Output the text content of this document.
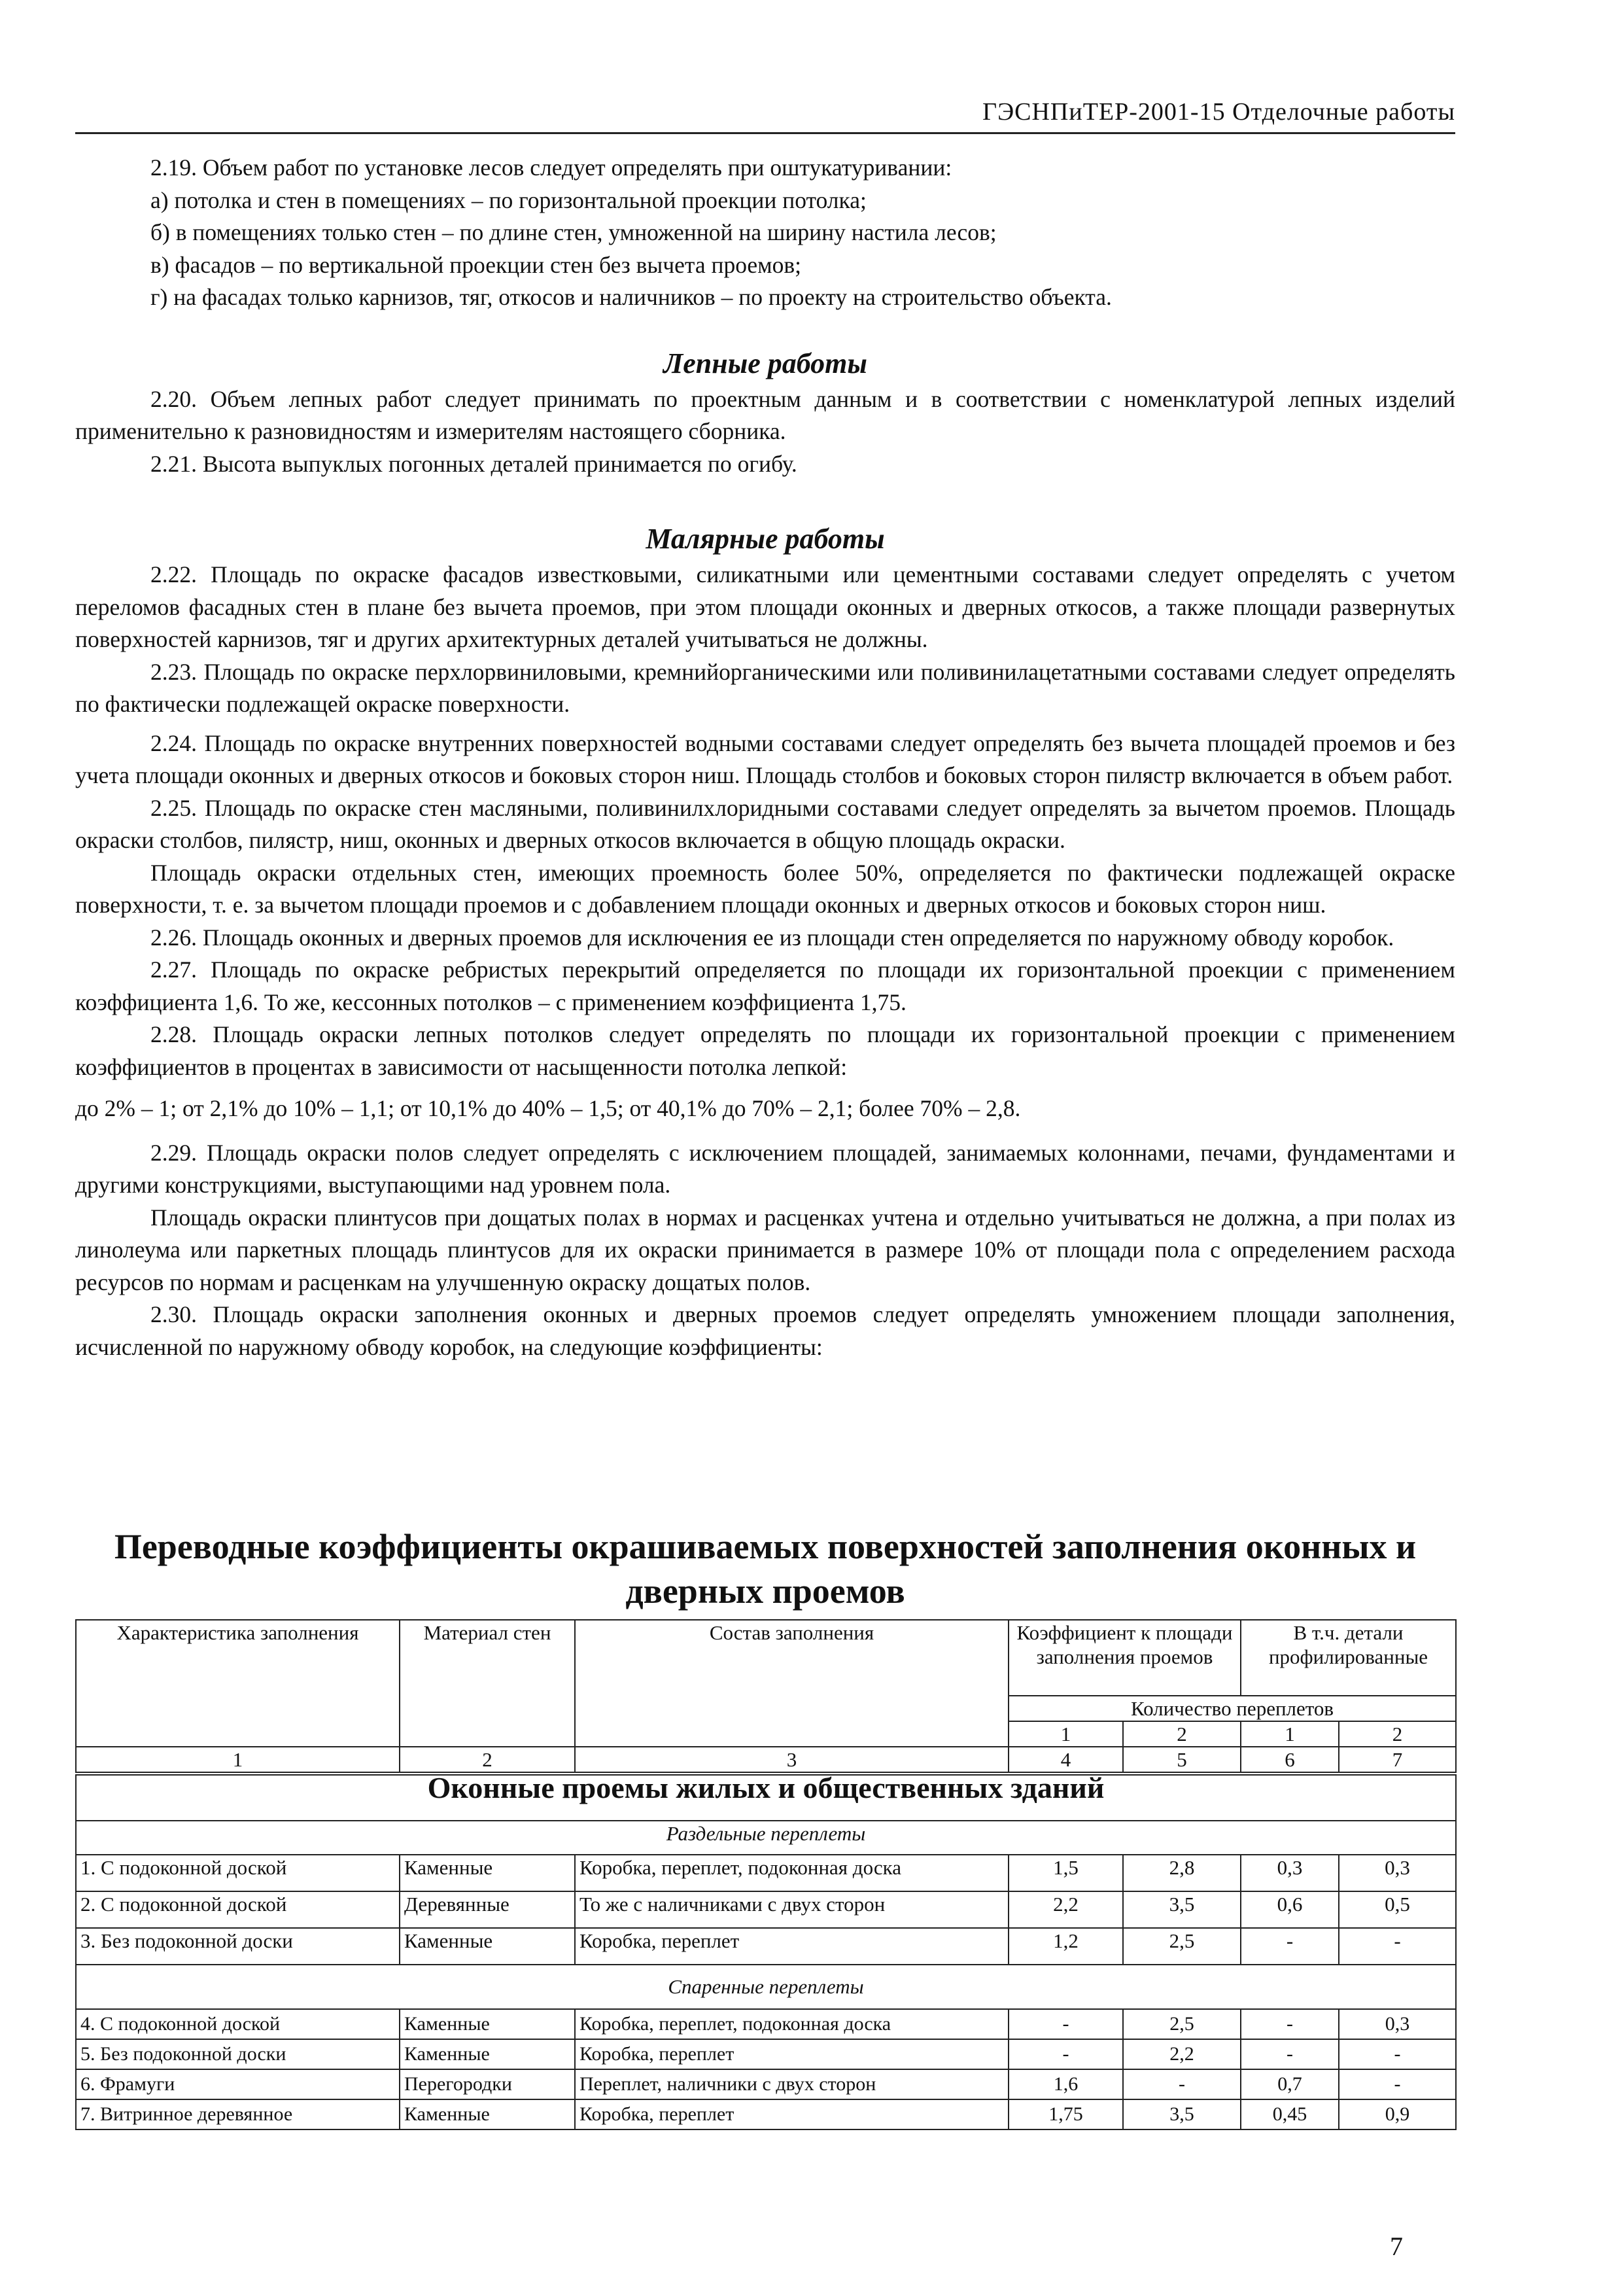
ГЭСНПиТЕР-2001-15 Отделочные работы

2.19. Объем работ по установке лесов следует определять при оштукатуривании:

а) потолка и стен в помещениях – по горизонтальной проекции потолка;

б) в помещениях только стен – по длине стен, умноженной на ширину настила лесов;

в) фасадов – по вертикальной проекции стен без вычета проемов;

г) на фасадах только карнизов, тяг, откосов и наличников – по проекту на строительство объекта.

Лепные работы

2.20. Объем лепных работ следует принимать по проектным данным и в соответствии с номенклатурой лепных изделий применительно к разновидностям и измерителям настоящего сборника.

2.21. Высота выпуклых погонных деталей принимается по огибу.

Малярные работы

2.22. Площадь по окраске фасадов известковыми, силикатными или цементными составами следует определять с учетом переломов фасадных стен в плане без вычета проемов, при этом площади оконных и дверных откосов, а также площади развернутых поверхностей карнизов, тяг и других архитектурных деталей учитываться не должны.

2.23. Площадь по окраске перхлорвиниловыми, кремнийорганическими или поливинилацетатными составами следует определять по фактически подлежащей окраске поверхности.

2.24. Площадь по окраске внутренних поверхностей водными составами следует определять без вычета площадей проемов и без учета площади оконных и дверных откосов и боковых сторон ниш. Площадь столбов и боковых сторон пилястр включается в объем работ.

2.25. Площадь по окраске стен масляными, поливинилхлоридными составами следует определять за вычетом проемов. Площадь окраски столбов, пилястр, ниш, оконных и дверных откосов включается в общую площадь окраски.

Площадь окраски отдельных стен, имеющих проемность более 50%, определяется по фактически подлежащей окраске поверхности, т. е. за вычетом площади проемов и с добавлением площади оконных и дверных откосов и боковых сторон ниш.

2.26. Площадь оконных и дверных проемов для исключения ее из площади стен определяется по наружному обводу коробок.

2.27. Площадь по окраске ребристых перекрытий определяется по площади их горизонтальной проекции с применением коэффициента 1,6. То же, кессонных потолков – с применением коэффициента 1,75.

2.28. Площадь окраски лепных потолков следует определять по площади их горизонтальной проекции с применением коэффициентов в процентах в зависимости от насыщенности потолка лепкой:

до 2% – 1; от 2,1% до 10% – 1,1; от 10,1% до 40% – 1,5; от 40,1% до 70% – 2,1; более 70% – 2,8.

2.29. Площадь окраски полов следует определять с исключением площадей, занимаемых колоннами, печами, фундаментами и другими конструкциями, выступающими над уровнем пола.

Площадь окраски плинтусов при дощатых полах в нормах и расценках учтена и отдельно учитываться не должна, а при полах из линолеума или паркетных площадь плинтусов для их окраски принимается в размере 10% от площади пола с определением расхода ресурсов по нормам и расценкам на улучшенную окраску дощатых полов.

2.30. Площадь окраски заполнения оконных и дверных проемов следует определять умножением площади заполнения, исчисленной по наружному обводу коробок, на следующие коэффициенты:

Переводные коэффициенты окрашиваемых поверхностей заполнения оконных и дверных проемов
Характеристика заполнения	Материал стен	Состав заполнения	Коэффициент к площади заполнения проемов		В т.ч. детали профилированные	
			Количество переплетов			
			1	2	1	2
1	2	3	4	5	6	7
Оконные проемы жилых и общественных зданий						
Раздельные переплеты						
1. С подоконной доской	Каменные	Коробка, переплет, подоконная доска	1,5	2,8	0,3	0,3
2. С подоконной доской	Деревянные	То же с наличниками с двух сторон	2,2	3,5	0,6	0,5
3. Без подоконной доски	Каменные	Коробка, переплет	1,2	2,5	-	-
Спаренные переплеты						
4. С подоконной доской	Каменные	Коробка, переплет, подоконная доска	-	2,5	-	0,3
5. Без подоконной доски	Каменные	Коробка, переплет	-	2,2	-	-
6. Фрамуги	Перегородки	Переплет, наличники с двух сторон	1,6	-	0,7	-
7. Витринное деревянное	Каменные	Коробка, переплет	1,75	3,5	0,45	0,9
7
